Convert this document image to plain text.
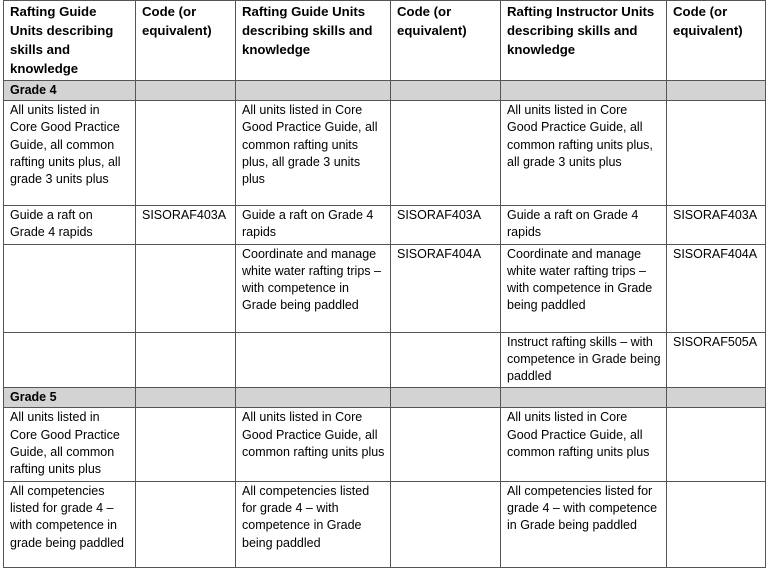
Rafting Guide Units describing skills and knowledge	Code (or equivalent)	Rafting Guide Units describing skills and knowledge	Code (or equivalent)	Rafting Instructor Units describing skills and knowledge	Code (or equivalent)
Grade 4					
All units listed in Core Good Practice Guide, all common rafting units plus, all grade 3 units plus		All units listed in Core Good Practice Guide, all common rafting units plus, all grade 3 units plus		All units listed in Core Good Practice Guide, all common rafting units plus, all grade 3 units plus	
Guide a raft on Grade 4 rapids	SISORAF403A	Guide a raft on Grade 4 rapids	SISORAF403A	Guide a raft on Grade 4 rapids	SISORAF403A
		Coordinate and manage white water rafting trips – with competence in Grade being paddled	SISORAF404A	Coordinate and manage white water rafting trips – with competence in Grade being paddled	SISORAF404A
				Instruct rafting skills – with competence in Grade being paddled	SISORAF505A
Grade 5					
All units listed in Core Good Practice Guide, all common rafting units plus		All units listed in Core Good Practice Guide, all common rafting units plus		All units listed in Core Good Practice Guide, all common rafting units plus	
All competencies listed for grade 4 – with competence in grade being paddled		All competencies listed for grade 4 – with competence in Grade being paddled		All competencies listed for grade 4 – with competence in Grade being paddled	
